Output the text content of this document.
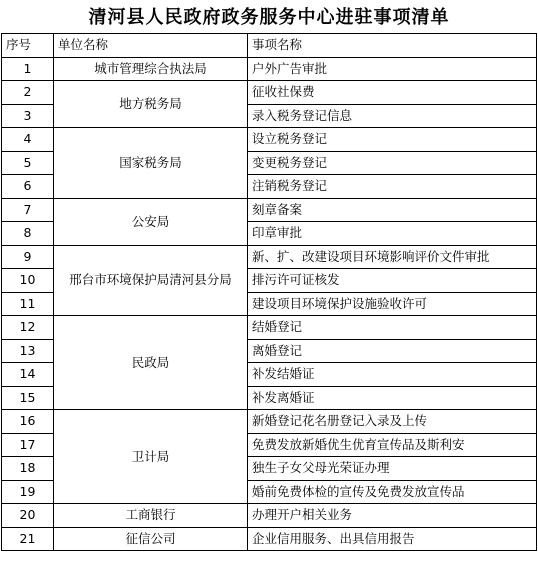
清河县人民政府政务服务中心进驻事项清单
序号	单位名称	事项名称
1	城市管理综合执法局	户外广告审批
2	地方税务局	征收社保费
3		录入税务登记信息
4	国家税务局	设立税务登记
5		变更税务登记
6		注销税务登记
7	公安局	刻章备案
8		印章审批
9	邢台市环境保护局清河县分局	新、扩、改建设项目环境影响评价文件审批
10		排污许可证核发
11		建设项目环境保护设施验收许可
12	民政局	结婚登记
13		离婚登记
14		补发结婚证
15		补发离婚证
16	卫计局	新婚登记花名册登记入录及上传
17		免费发放新婚优生优育宣传品及斯利安
18		独生子女父母光荣证办理
19		婚前免费体检的宣传及免费发放宣传品
20	工商银行	办理开户相关业务
21	征信公司	企业信用服务、出具信用报告
